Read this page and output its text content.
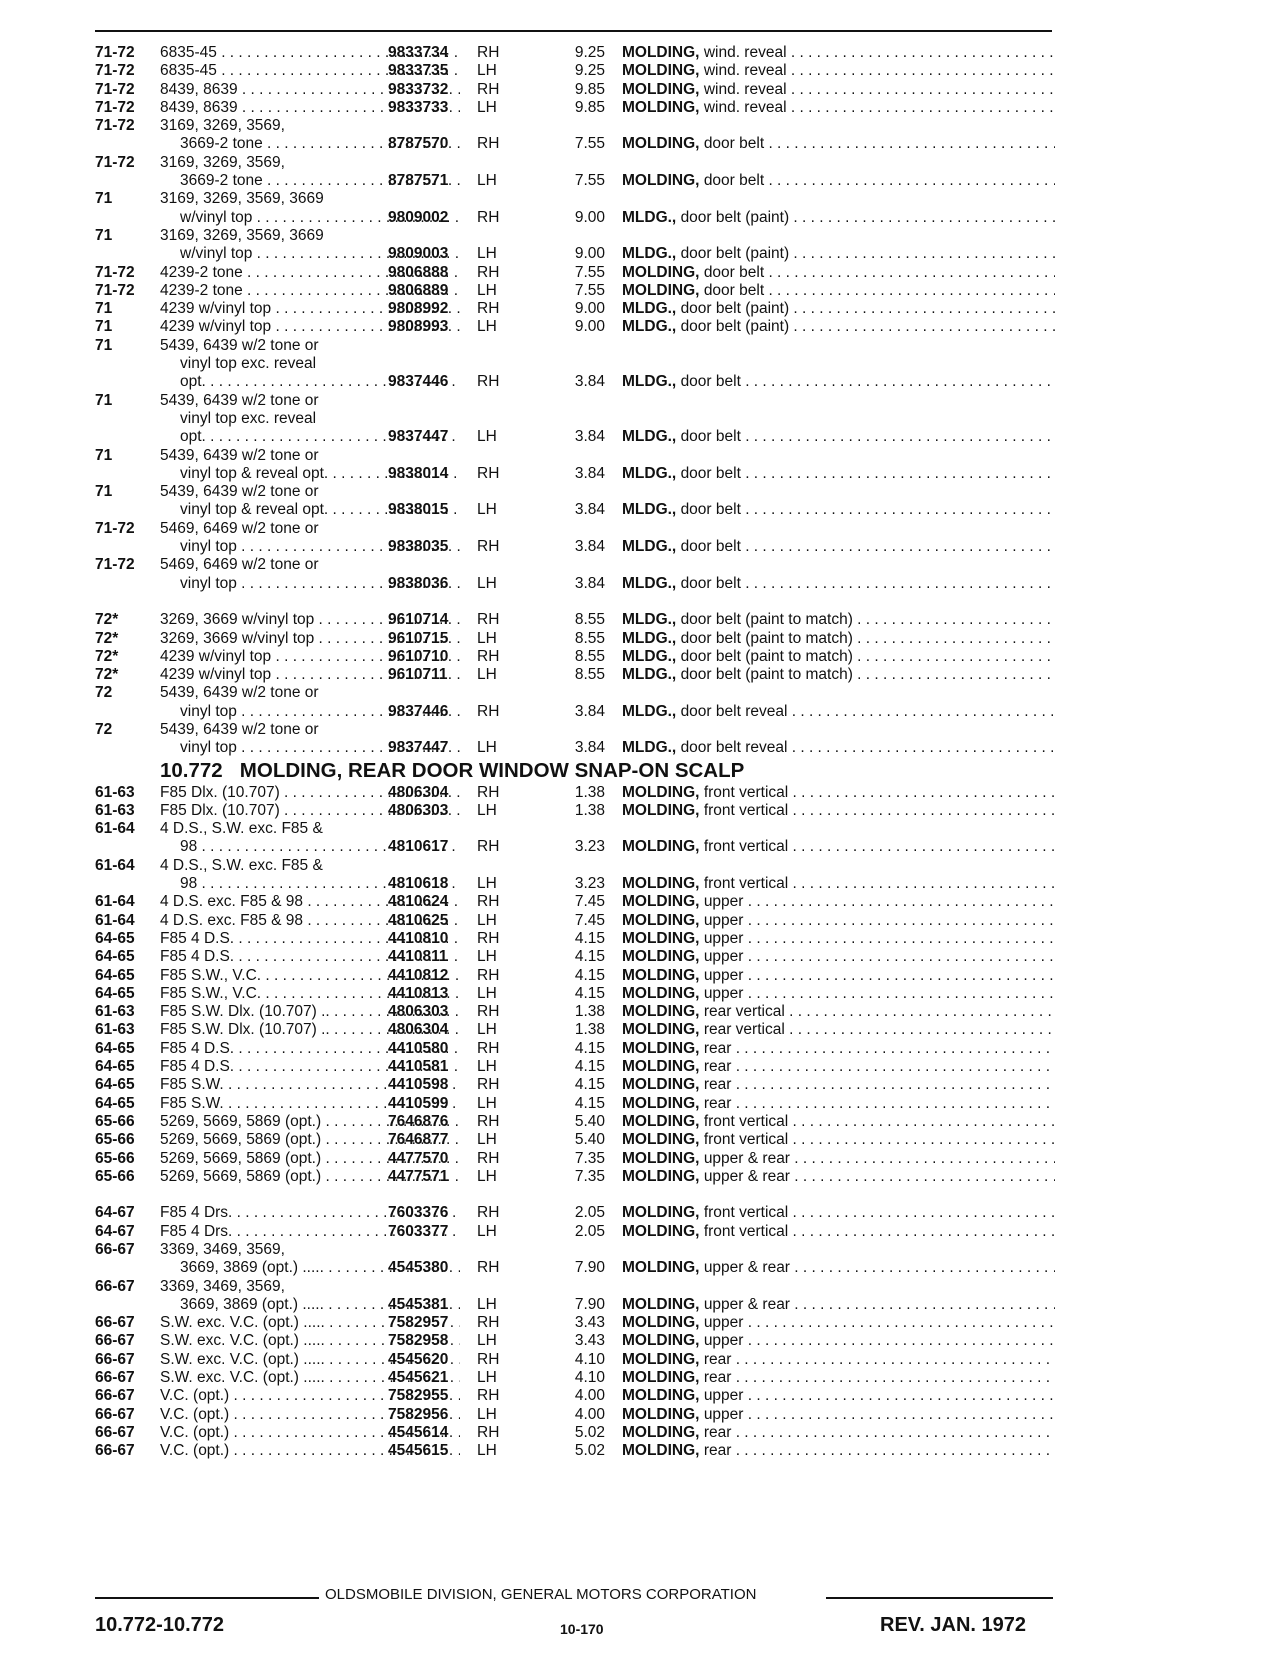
71-72	6835-45 . . .	9833734	RH	9.25 MOLDING, wind. reveal . . .
71-72	6835-45 . . .	9833735	LH	9.25 MOLDING, wind. reveal . . .
71-72	8439, 8639 . . .	9833732	RH	9.85 MOLDING, wind. reveal . . .
71-72	8439, 8639 . . .	9833733	LH	9.85 MOLDING, wind. reveal . . .
71-72	3169, 3269, 3569,
3669-2 tone . . .	8787570	RH	7.55 MOLDING, door belt . . .
71-72	3169, 3269, 3569,
3669-2 tone . . .	8787571	LH	7.55 MOLDING, door belt . . .
71	3169, 3269, 3569, 3669
w/vinyl top . . .	9809002	RH	9.00 MLDG., door belt (paint) . . .
71	3169, 3269, 3569, 3669
w/vinyl top . . .	9809003	LH	9.00 MLDG., door belt (paint) . . .
71-72	4239-2 tone . . .	9806888	RH	7.55 MOLDING, door belt . . .
71-72	4239-2 tone . . .	9806889	LH	7.55 MOLDING, door belt . . .
71	4239 w/vinyl top . . .	9808992	RH	9.00 MLDG., door belt (paint) . . .
71	4239 w/vinyl top . . .	9808993	LH	9.00 MLDG., door belt (paint) . . .
71	5439, 6439 w/2 tone or
vinyl top exc. reveal
opt. . . .	9837446	RH	3.84 MLDG., door belt . . .
71	5439, 6439 w/2 tone or
vinyl top exc. reveal
opt. . . .	9837447	LH	3.84 MLDG., door belt . . .
71	5439, 6439 w/2 tone or
vinyl top & reveal opt. . . . .	9838014	RH	3.84 MLDG., door belt . . .
71	5439, 6439 w/2 tone or
vinyl top & reveal opt. . . . .	9838015	LH	3.84 MLDG., door belt . . .
71-72	5469, 6469 w/2 tone or
vinyl top . . .	9838035	RH	3.84 MLDG., door belt . . .
71-72	5469, 6469 w/2 tone or
vinyl top . . .	9838036	LH	3.84 MLDG., door belt . . .
72*	3269, 3669 w/vinyl top . . . .	9610714	RH	8.55 MLDG., door belt (paint to match) . . .
72*	3269, 3669 w/vinyl top . . . .	9610715	LH	8.55 MLDG., door belt (paint to match) . . .
72*	4239 w/vinyl top . . .	9610710	RH	8.55 MLDG., door belt (paint to match) . . .
72*	4239 w/vinyl top . . .	9610711	LH	8.55 MLDG., door belt (paint to match) . . .
72	5439, 6439 w/2 tone or
vinyl top . . .	9837446	RH	3.84 MLDG., door belt reveal . . .
72	5439, 6439 w/2 tone or
vinyl top . . .	9837447	LH	3.84 MLDG., door belt reveal . . .
10.772 MOLDING, REAR DOOR WINDOW SNAP-ON SCALP
61-63	F85 Dlx. (10.707) . . .	4806304	RH	1.38 MOLDING, front vertical . . .
61-63	F85 Dlx. (10.707) . . .	4806303	LH	1.38 MOLDING, front vertical . . .
61-64	4 D.S., S.W. exc. F85 &
98 . . .	4810617	RH	3.23 MOLDING, front vertical . . .
61-64	4 D.S., S.W. exc. F85 &
98 . . .	4810618	LH	3.23 MOLDING, front vertical . . .
61-64	4 D.S. exc. F85 & 98 . . .	4810624	RH	7.45 MOLDING, upper . . .
61-64	4 D.S. exc. F85 & 98 . . .	4810625	LH	7.45 MOLDING, upper . . .
64-65	F85 4 D.S. . . .	4410810	RH	4.15 MOLDING, upper . . .
64-65	F85 4 D.S. . . .	4410811	LH	4.15 MOLDING, upper . . .
64-65	F85 S.W., V.C. . . .	4410812	RH	4.15 MOLDING, upper . . .
64-65	F85 S.W., V.C. . . .	4410813	LH	4.15 MOLDING, upper . . .
61-63	F85 S.W. Dlx. (10.707) .. . . .	4806303	RH	1.38 MOLDING, rear vertical . . .
61-63	F85 S.W. Dlx. (10.707) .. . . .	4806304	LH	1.38 MOLDING, rear vertical . . .
64-65	F85 4 D.S. . . .	4410580	RH	4.15 MOLDING, rear . . .
64-65	F85 4 D.S. . . .	4410581	LH	4.15 MOLDING, rear . . .
64-65	F85 S.W. . . .	4410598	RH	4.15 MOLDING, rear . . .
64-65	F85 S.W. . . .	4410599	LH	4.15 MOLDING, rear . . .
65-66	5269, 5669, 5869 (opt.) . . . .	7646876	RH	5.40 MOLDING, front vertical . . .
65-66	5269, 5669, 5869 (opt.) . . . .	7646877	LH	5.40 MOLDING, front vertical . . .
65-66	5269, 5669, 5869 (opt.) . . . .	4477570	RH	7.35 MOLDING, upper & rear . . .
65-66	5269, 5669, 5869 (opt.) . . . .	4477571	LH	7.35 MOLDING, upper & rear . . .
64-67	F85 4 Drs. . . .	7603376	RH	2.05 MOLDING, front vertical . . .
64-67	F85 4 Drs. . . .	7603377	LH	2.05 MOLDING, front vertical . . .
66-67	3369, 3469, 3569,
3669, 3869 (opt.) ..... . . .	4545380	RH	7.90 MOLDING, upper & rear . . .
66-67	3369, 3469, 3569,
3669, 3869 (opt.) ..... . . .	4545381	LH	7.90 MOLDING, upper & rear . . .
66-67	S.W. exc. V.C. (opt.) ..... . . .	7582957	RH	3.43 MOLDING, upper . . .
66-67	S.W. exc. V.C. (opt.) ..... . . .	7582958	LH	3.43 MOLDING, upper . . .
66-67	S.W. exc. V.C. (opt.) ..... . . .	4545620	RH	4.10 MOLDING, rear . . .
66-67	S.W. exc. V.C. (opt.) ..... . . .	4545621	LH	4.10 MOLDING, rear . . .
66-67	V.C. (opt.) . . .	7582955	RH	4.00 MOLDING, upper . . .
66-67	V.C. (opt.) . . .	7582956	LH	4.00 MOLDING, upper . . .
66-67	V.C. (opt.) . . .	4545614	RH	5.02 MOLDING, rear . . .
66-67	V.C. (opt.) . . .	4545615	LH	5.02 MOLDING, rear . . .
OLDSMOBILE DIVISION, GENERAL MOTORS CORPORATION
10.772-10.772	10-170	REV. JAN. 1972
